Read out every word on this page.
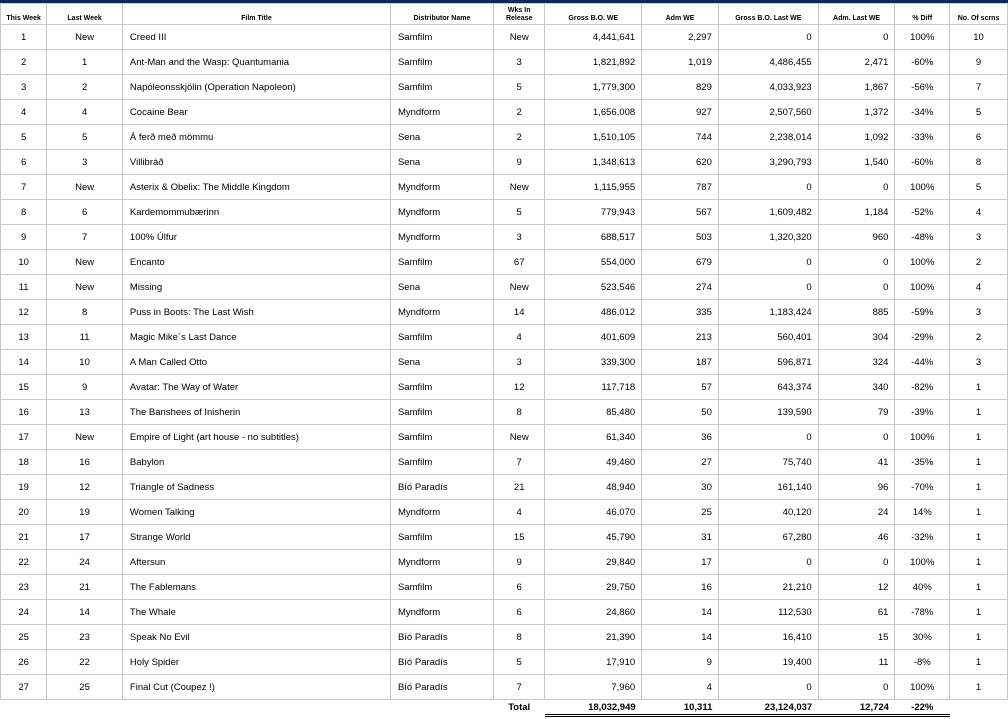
This Week	Last Week	Film Title	Distributor Name	Wks In Release	Gross B.O. WE	Adm WE	Gross B.O. Last WE	Adm. Last WE	% Diff	No. Of scrns
1	New	Creed III	Samfilm	New	4,441,641	2,297	0	0	100%	10
2	1	Ant-Man and the Wasp: Quantumania	Samfilm	3	1,821,892	1,019	4,486,455	2,471	-60%	9
3	2	Napóleonsskjölin (Operation Napoleon)	Samfilm	5	1,779,300	829	4,033,923	1,867	-56%	7
4	4	Cocaine Bear	Myndform	2	1,656,008	927	2,507,560	1,372	-34%	5
5	5	Á ferð með mömmu	Sena	2	1,510,105	744	2,238,014	1,092	-33%	6
6	3	Villibráð	Sena	9	1,348,613	620	3,290,793	1,540	-60%	8
7	New	Asterix & Obelix: The Middle Kingdom	Myndform	New	1,115,955	787	0	0	100%	5
8	6	Kardemommubærinn	Myndform	5	779,943	567	1,609,482	1,184	-52%	4
9	7	100% Úlfur	Myndform	3	688,517	503	1,320,320	960	-48%	3
10	New	Encanto	Samfilm	67	554,000	679	0	0	100%	2
11	New	Missing	Sena	New	523,546	274	0	0	100%	4
12	8	Puss in Boots: The Last Wish	Myndform	14	486,012	335	1,183,424	885	-59%	3
13	11	Magic Mike´s Last Dance	Samfilm	4	401,609	213	560,401	304	-29%	2
14	10	A Man Called Otto	Sena	3	339,300	187	596,871	324	-44%	3
15	9	Avatar: The Way of Water	Samfilm	12	117,718	57	643,374	340	-82%	1
16	13	The Banshees of Inisherin	Samfilm	8	85,480	50	139,590	79	-39%	1
17	New	Empire of Light (art house - no subtitles)	Samfilm	New	61,340	36	0	0	100%	1
18	16	Babylon	Samfilm	7	49,460	27	75,740	41	-35%	1
19	12	Triangle of Sadness	Bíó Paradís	21	48,940	30	161,140	96	-70%	1
20	19	Women Talking	Myndform	4	46,070	25	40,120	24	14%	1
21	17	Strange World	Samfilm	15	45,790	31	67,280	46	-32%	1
22	24	Aftersun	Myndform	9	29,840	17	0	0	100%	1
23	21	The Fablemans	Samfilm	6	29,750	16	21,210	12	40%	1
24	14	The Whale	Myndform	6	24,860	14	112,530	61	-78%	1
25	23	Speak No Evil	Bíó Paradís	8	21,390	14	16,410	15	30%	1
26	22	Holy Spider	Bíó Paradís	5	17,910	9	19,400	11	-8%	1
27	25	Final Cut (Coupez !)	Bíó Paradís	7	7,960	4	0	0	100%	1
				Total	18,032,949	10,311	23,124,037	12,724	-22%	
